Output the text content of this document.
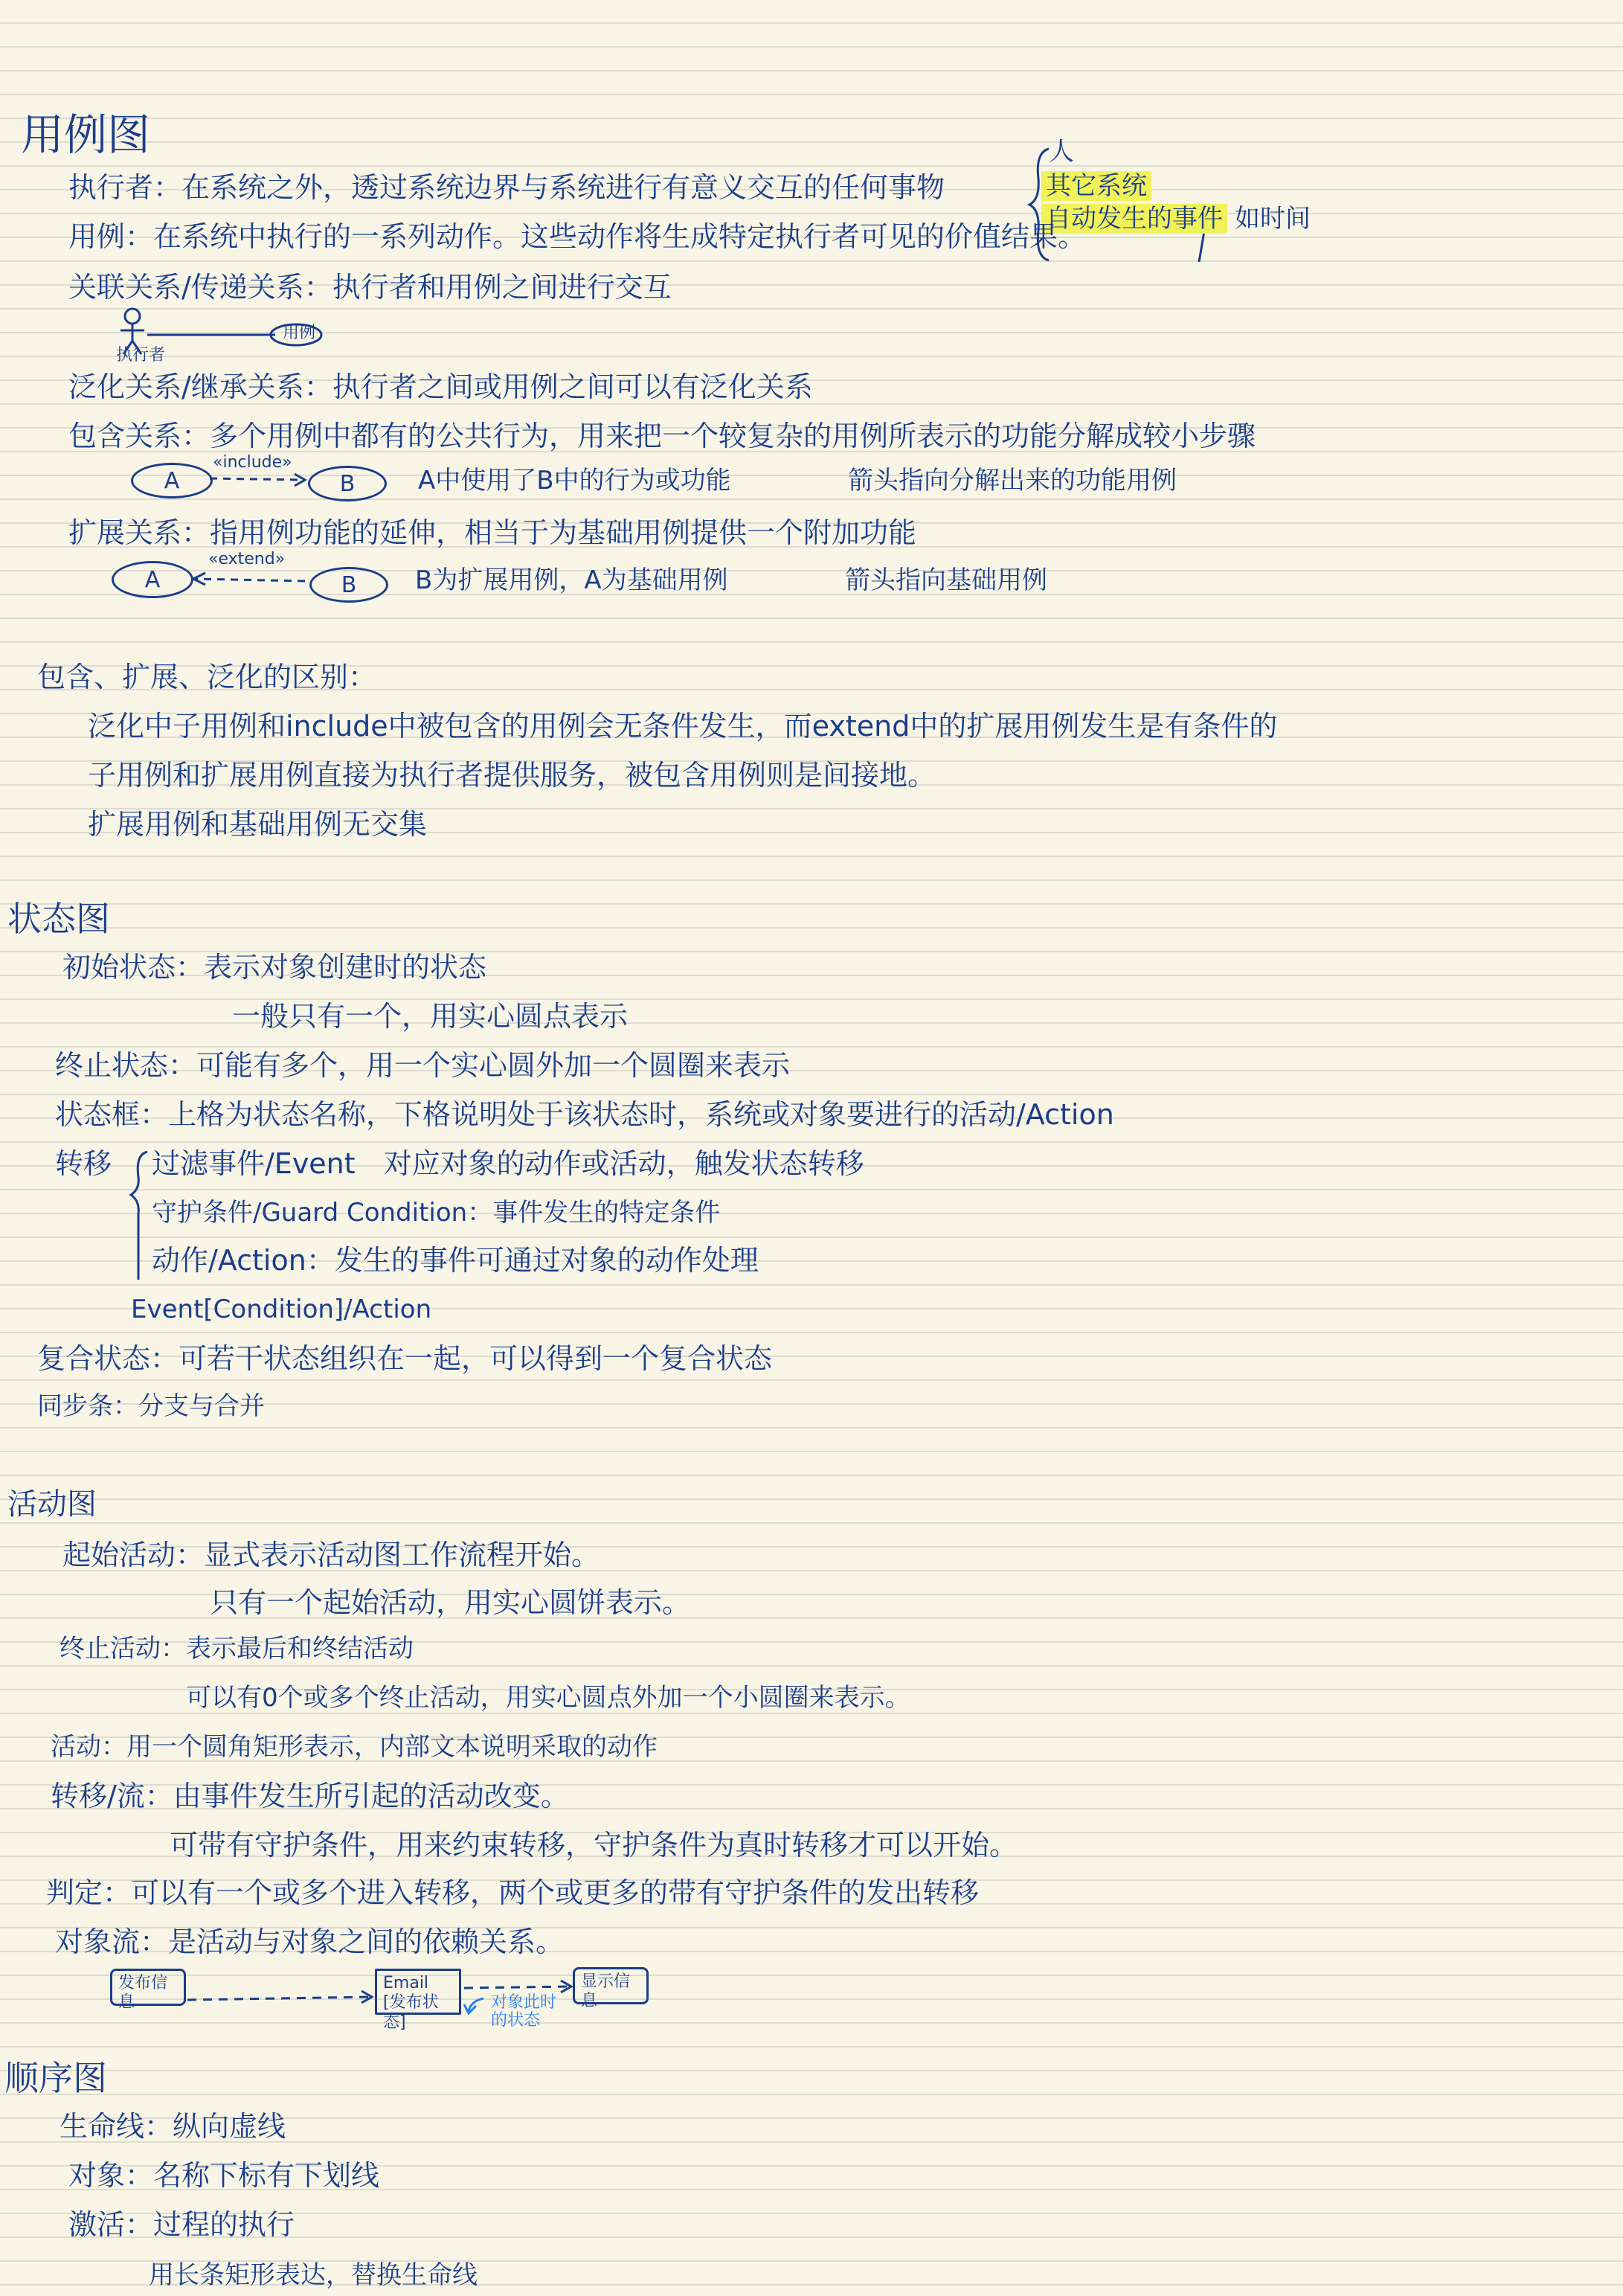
用例图
执行者：在系统之外，透过系统边界与系统进行有意义交互的任何事物
人
其它系统
自动发生的事件 如时间
用例：在系统中执行的一系列动作。这些动作将生成特定执行者可见的价值结果。
关联关系/传递关系：执行者和用例之间进行交互
执行者
用例
泛化关系/继承关系：执行者之间或用例之间可以有泛化关系
包含关系：多个用例中都有的公共行为，用来把一个较复杂的用例所表示的功能分解成较小步骤
A	B
«include»
A中使用了B中的行为或功能	箭头指向分解出来的功能用例
扩展关系：指用例功能的延伸，相当于为基础用例提供一个附加功能
A	B
«extend»
B为扩展用例，A为基础用例	箭头指向基础用例
包含、扩展、泛化的区别：
泛化中子用例和include中被包含的用例会无条件发生，而extend中的扩展用例发生是有条件的
子用例和扩展用例直接为执行者提供服务，被包含用例则是间接地。
扩展用例和基础用例无交集
状态图
初始状态：表示对象创建时的状态
一般只有一个，用实心圆点表示
终止状态：可能有多个，用一个实心圆外加一个圆圈来表示
状态框：上格为状态名称，下格说明处于该状态时，系统或对象要进行的活动/Action
转移 过滤事件/Event　对应对象的动作或活动，触发状态转移
守护条件/Guard Condition：事件发生的特定条件
动作/Action：发生的事件可通过对象的动作处理
Event[Condition]/Action
复合状态：可若干状态组织在一起，可以得到一个复合状态
同步条：分支与合并
活动图
起始活动：显式表示活动图工作流程开始。
只有一个起始活动，用实心圆饼表示。
终止活动：表示最后和终结活动
可以有0个或多个终止活动，用实心圆点外加一个小圆圈来表示。
活动：用一个圆角矩形表示，内部文本说明采取的动作
转移/流：由事件发生所引起的活动改变。
可带有守护条件，用来约束转移，守护条件为真时转移才可以开始。
判定：可以有一个或多个进入转移，两个或更多的带有守护条件的发出转移
对象流：是活动与对象之间的依赖关系。
发布信息
Email [发布状态]
显示信息
对象此时的状态
顺序图
生命线：纵向虚线
对象：名称下标有下划线
激活：过程的执行
用长条矩形表达，替换生命线
